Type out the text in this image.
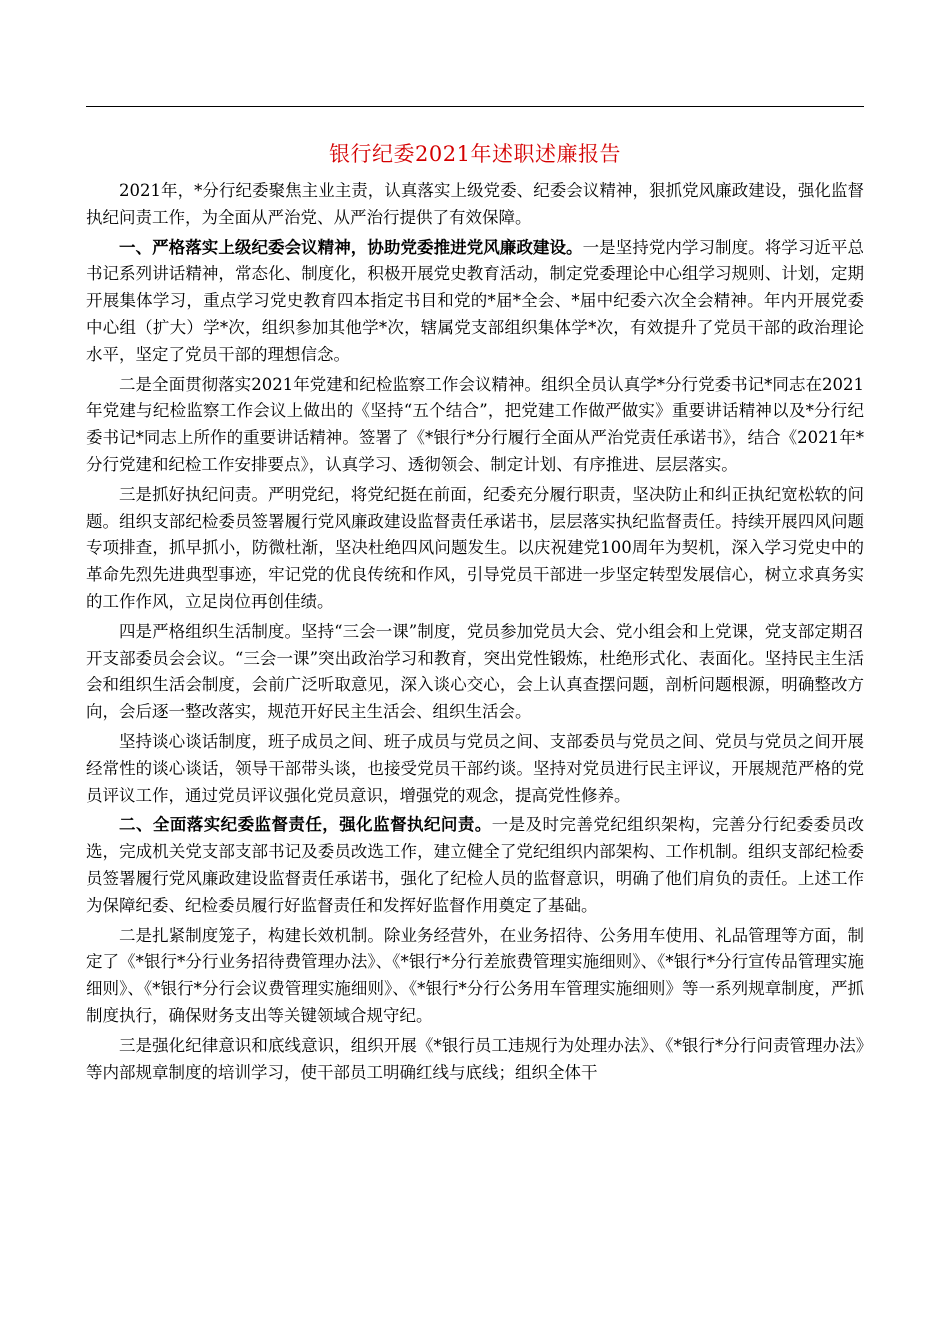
银行纪委2021年述职述廉报告

2021年，*分行纪委聚焦主业主责，认真落实上级党委、纪委会议精神，狠抓党风廉政建设，强化监督执纪问责工作，为全面从严治党、从严治行提供了有效保障。

一、严格落实上级纪委会议精神，协助党委推进党风廉政建设。一是坚持党内学习制度。将学习近平总书记系列讲话精神，常态化、制度化，积极开展党史教育活动，制定党委理论中心组学习规则、计划，定期开展集体学习，重点学习党史教育四本指定书目和党的*届*全会、*届中纪委六次全会精神。年内开展党委中心组（扩大）学*次，组织参加其他学*次，辖属党支部组织集体学*次，有效提升了党员干部的政治理论水平，坚定了党员干部的理想信念。

二是全面贯彻落实2021年党建和纪检监察工作会议精神。组织全员认真学*分行党委书记*同志在2021年党建与纪检监察工作会议上做出的《坚持“五个结合”，把党建工作做严做实》重要讲话精神以及*分行纪委书记*同志上所作的重要讲话精神。签署了《*银行*分行履行全面从严治党责任承诺书》，结合《2021年*分行党建和纪检工作安排要点》，认真学习、透彻领会、制定计划、有序推进、层层落实。

三是抓好执纪问责。严明党纪，将党纪挺在前面，纪委充分履行职责，坚决防止和纠正执纪宽松软的问题。组织支部纪检委员签署履行党风廉政建设监督责任承诺书，层层落实执纪监督责任。持续开展四风问题专项排查，抓早抓小，防微杜渐，坚决杜绝四风问题发生。以庆祝建党100周年为契机，深入学习党史中的革命先烈先进典型事迹，牢记党的优良传统和作风，引导党员干部进一步坚定转型发展信心，树立求真务实的工作作风，立足岗位再创佳绩。

四是严格组织生活制度。坚持“三会一课”制度，党员参加党员大会、党小组会和上党课，党支部定期召开支部委员会会议。“三会一课”突出政治学习和教育，突出党性锻炼，杜绝形式化、表面化。坚持民主生活会和组织生活会制度，会前广泛听取意见，深入谈心交心，会上认真查摆问题，剖析问题根源，明确整改方向，会后逐一整改落实，规范开好民主生活会、组织生活会。

坚持谈心谈话制度，班子成员之间、班子成员与党员之间、支部委员与党员之间、党员与党员之间开展经常性的谈心谈话，领导干部带头谈，也接受党员干部约谈。坚持对党员进行民主评议，开展规范严格的党员评议工作，通过党员评议强化党员意识，增强党的观念，提高党性修养。

二、全面落实纪委监督责任，强化监督执纪问责。一是及时完善党纪组织架构，完善分行纪委委员改选，完成机关党支部支部书记及委员改选工作，建立健全了党纪组织内部架构、工作机制。组织支部纪检委员签署履行党风廉政建设监督责任承诺书，强化了纪检人员的监督意识，明确了他们肩负的责任。上述工作为保障纪委、纪检委员履行好监督责任和发挥好监督作用奠定了基础。

二是扎紧制度笼子，构建长效机制。除业务经营外，在业务招待、公务用车使用、礼品管理等方面，制定了《*银行*分行业务招待费管理办法》、《*银行*分行差旅费管理实施细则》、《*银行*分行宣传品管理实施细则》、《*银行*分行会议费管理实施细则》、《*银行*分行公务用车管理实施细则》等一系列规章制度，严抓制度执行，确保财务支出等关键领域合规守纪。

三是强化纪律意识和底线意识，组织开展《*银行员工违规行为处理办法》、《*银行*分行问责管理办法》等内部规章制度的培训学习，使干部员工明确红线与底线；组织全体干
